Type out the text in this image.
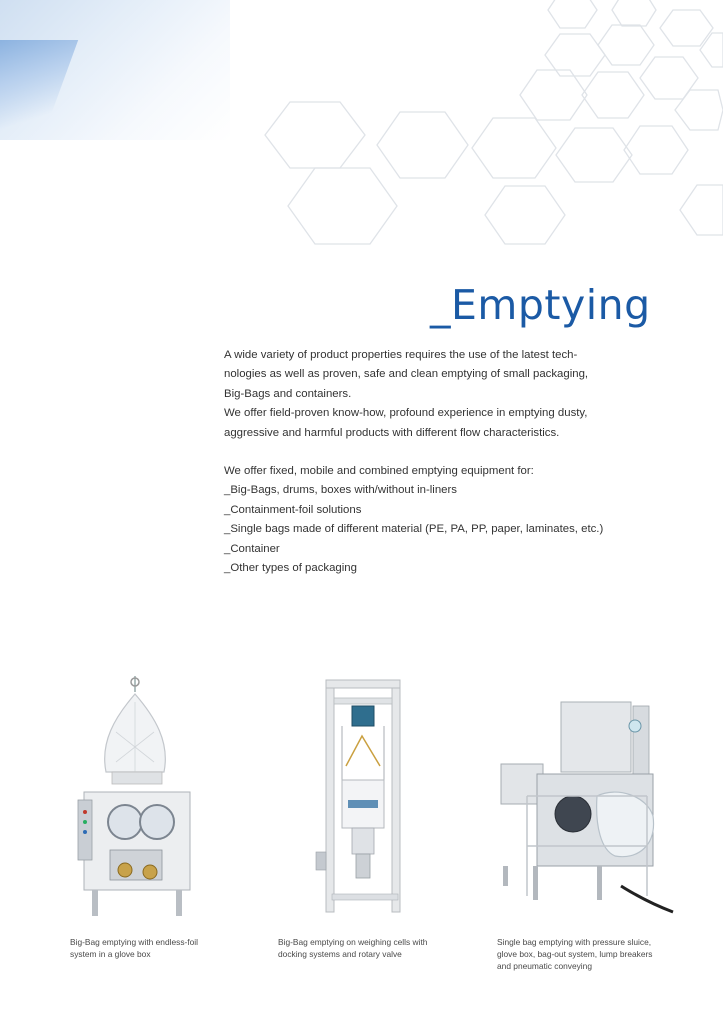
_Emptying

A wide variety of product properties requires the use of the latest tech-

nologies as well as proven, safe and clean emptying of small packaging,

Big-Bags and containers.

We offer field-proven know-how, profound experience in emptying dusty,

aggressive and harmful products with different flow characteristics.

We offer fixed, mobile and combined emptying equipment for:

_Big-Bags, drums, boxes with/without in-liners

_Containment-foil solutions

_Single bags made of different material (PE, PA, PP, paper, laminates, etc.)

_Container

_Other types of packaging

Big-Bag emptying with endless-foil
system in a glove box
Big-Bag emptying on weighing cells with
docking systems and rotary valve
Single bag emptying with pressure sluice,
glove box, bag-out system, lump breakers
and pneumatic conveying
